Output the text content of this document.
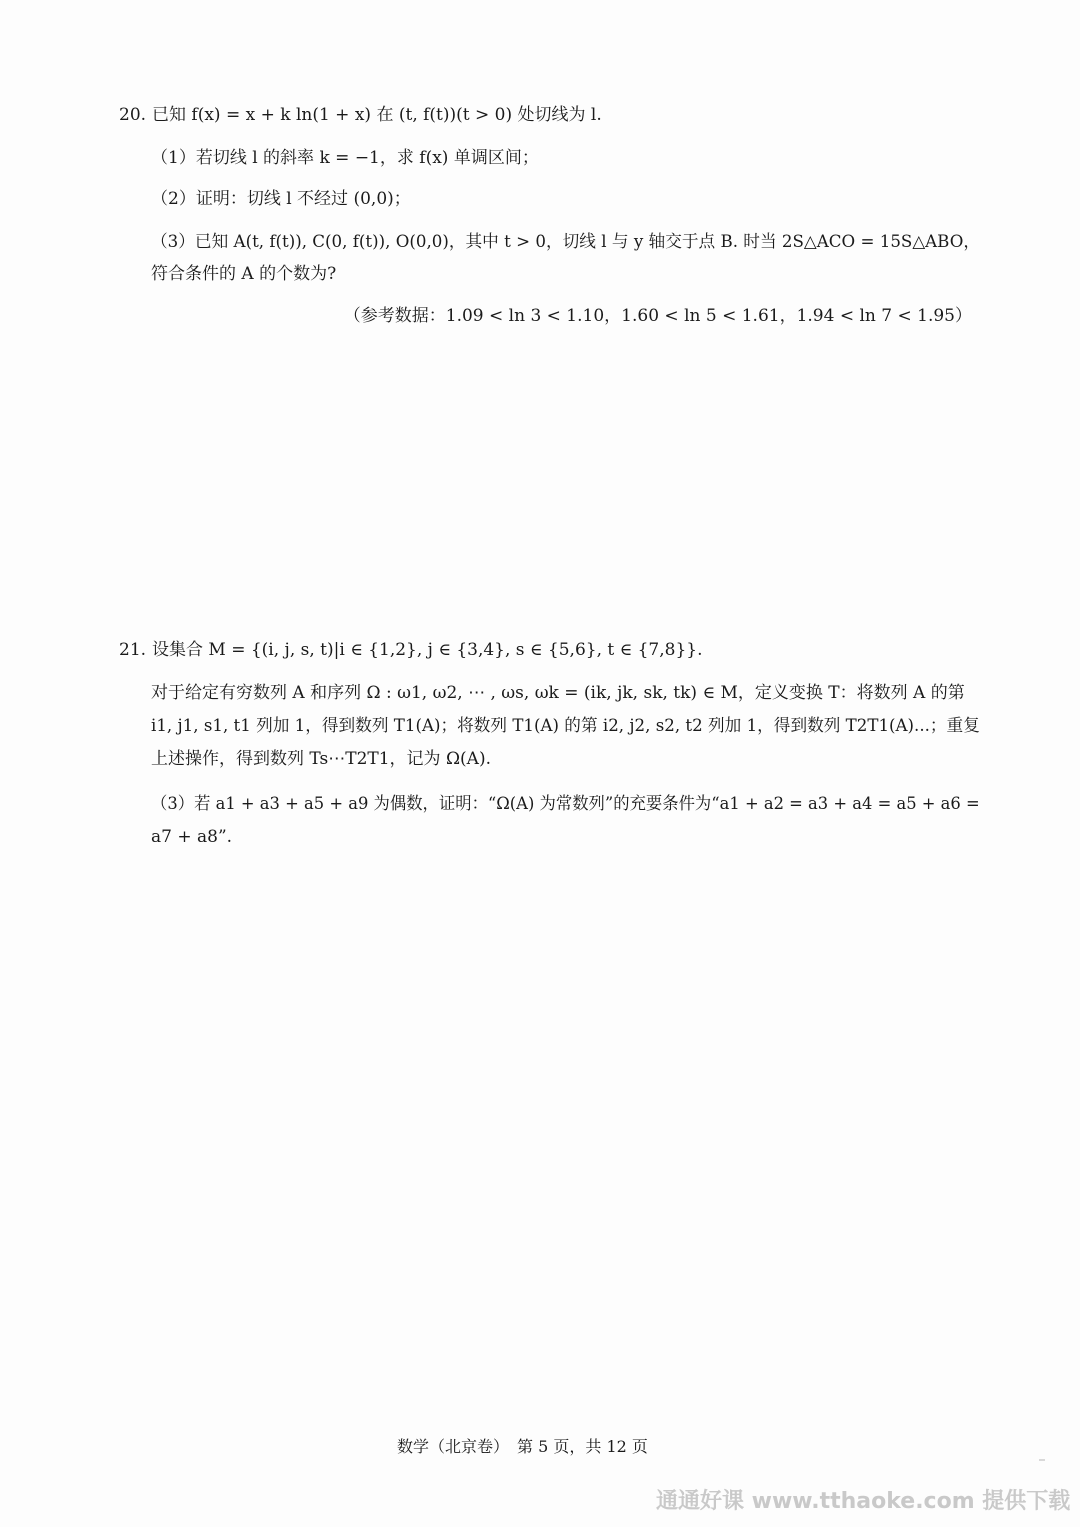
20. 已知 f(x) = x + k ln(1 + x) 在 (t, f(t))(t > 0) 处切线为 l.
（1）若切线 l 的斜率 k = −1，求 f(x) 单调区间；
（2）证明：切线 l 不经过 (0,0)；
（3）已知 A(t, f(t)), C(0, f(t)), O(0,0)，其中 t > 0，切线 l 与 y 轴交于点 B. 时当 2S△ACO = 15S△ABO，
符合条件的 A 的个数为?
（参考数据：1.09 < ln 3 < 1.10，1.60 < ln 5 < 1.61，1.94 < ln 7 < 1.95）
21. 设集合 M = {(i, j, s, t)|i ∈ {1,2}, j ∈ {3,4}, s ∈ {5,6}, t ∈ {7,8}}.
对于给定有穷数列 A 和序列 Ω : ω1, ω2, ⋯ , ωs, ωk = (ik, jk, sk, tk) ∈ M，定义变换 T：将数列 A 的第
i1, j1, s1, t1 列加 1，得到数列 T1(A)；将数列 T1(A) 的第 i2, j2, s2, t2 列加 1，得到数列 T2T1(A)...；重复
上述操作，得到数列 Ts⋯T2T1，记为 Ω(A).
（3）若 a1 + a3 + a5 + a9 为偶数，证明：“Ω(A) 为常数列”的充要条件为“a1 + a2 = a3 + a4 = a5 + a6 =
a7 + a8”.
数学（北京卷）　第 5 页，共 12 页
通通好课 www.tthaoke.com 提供下载
